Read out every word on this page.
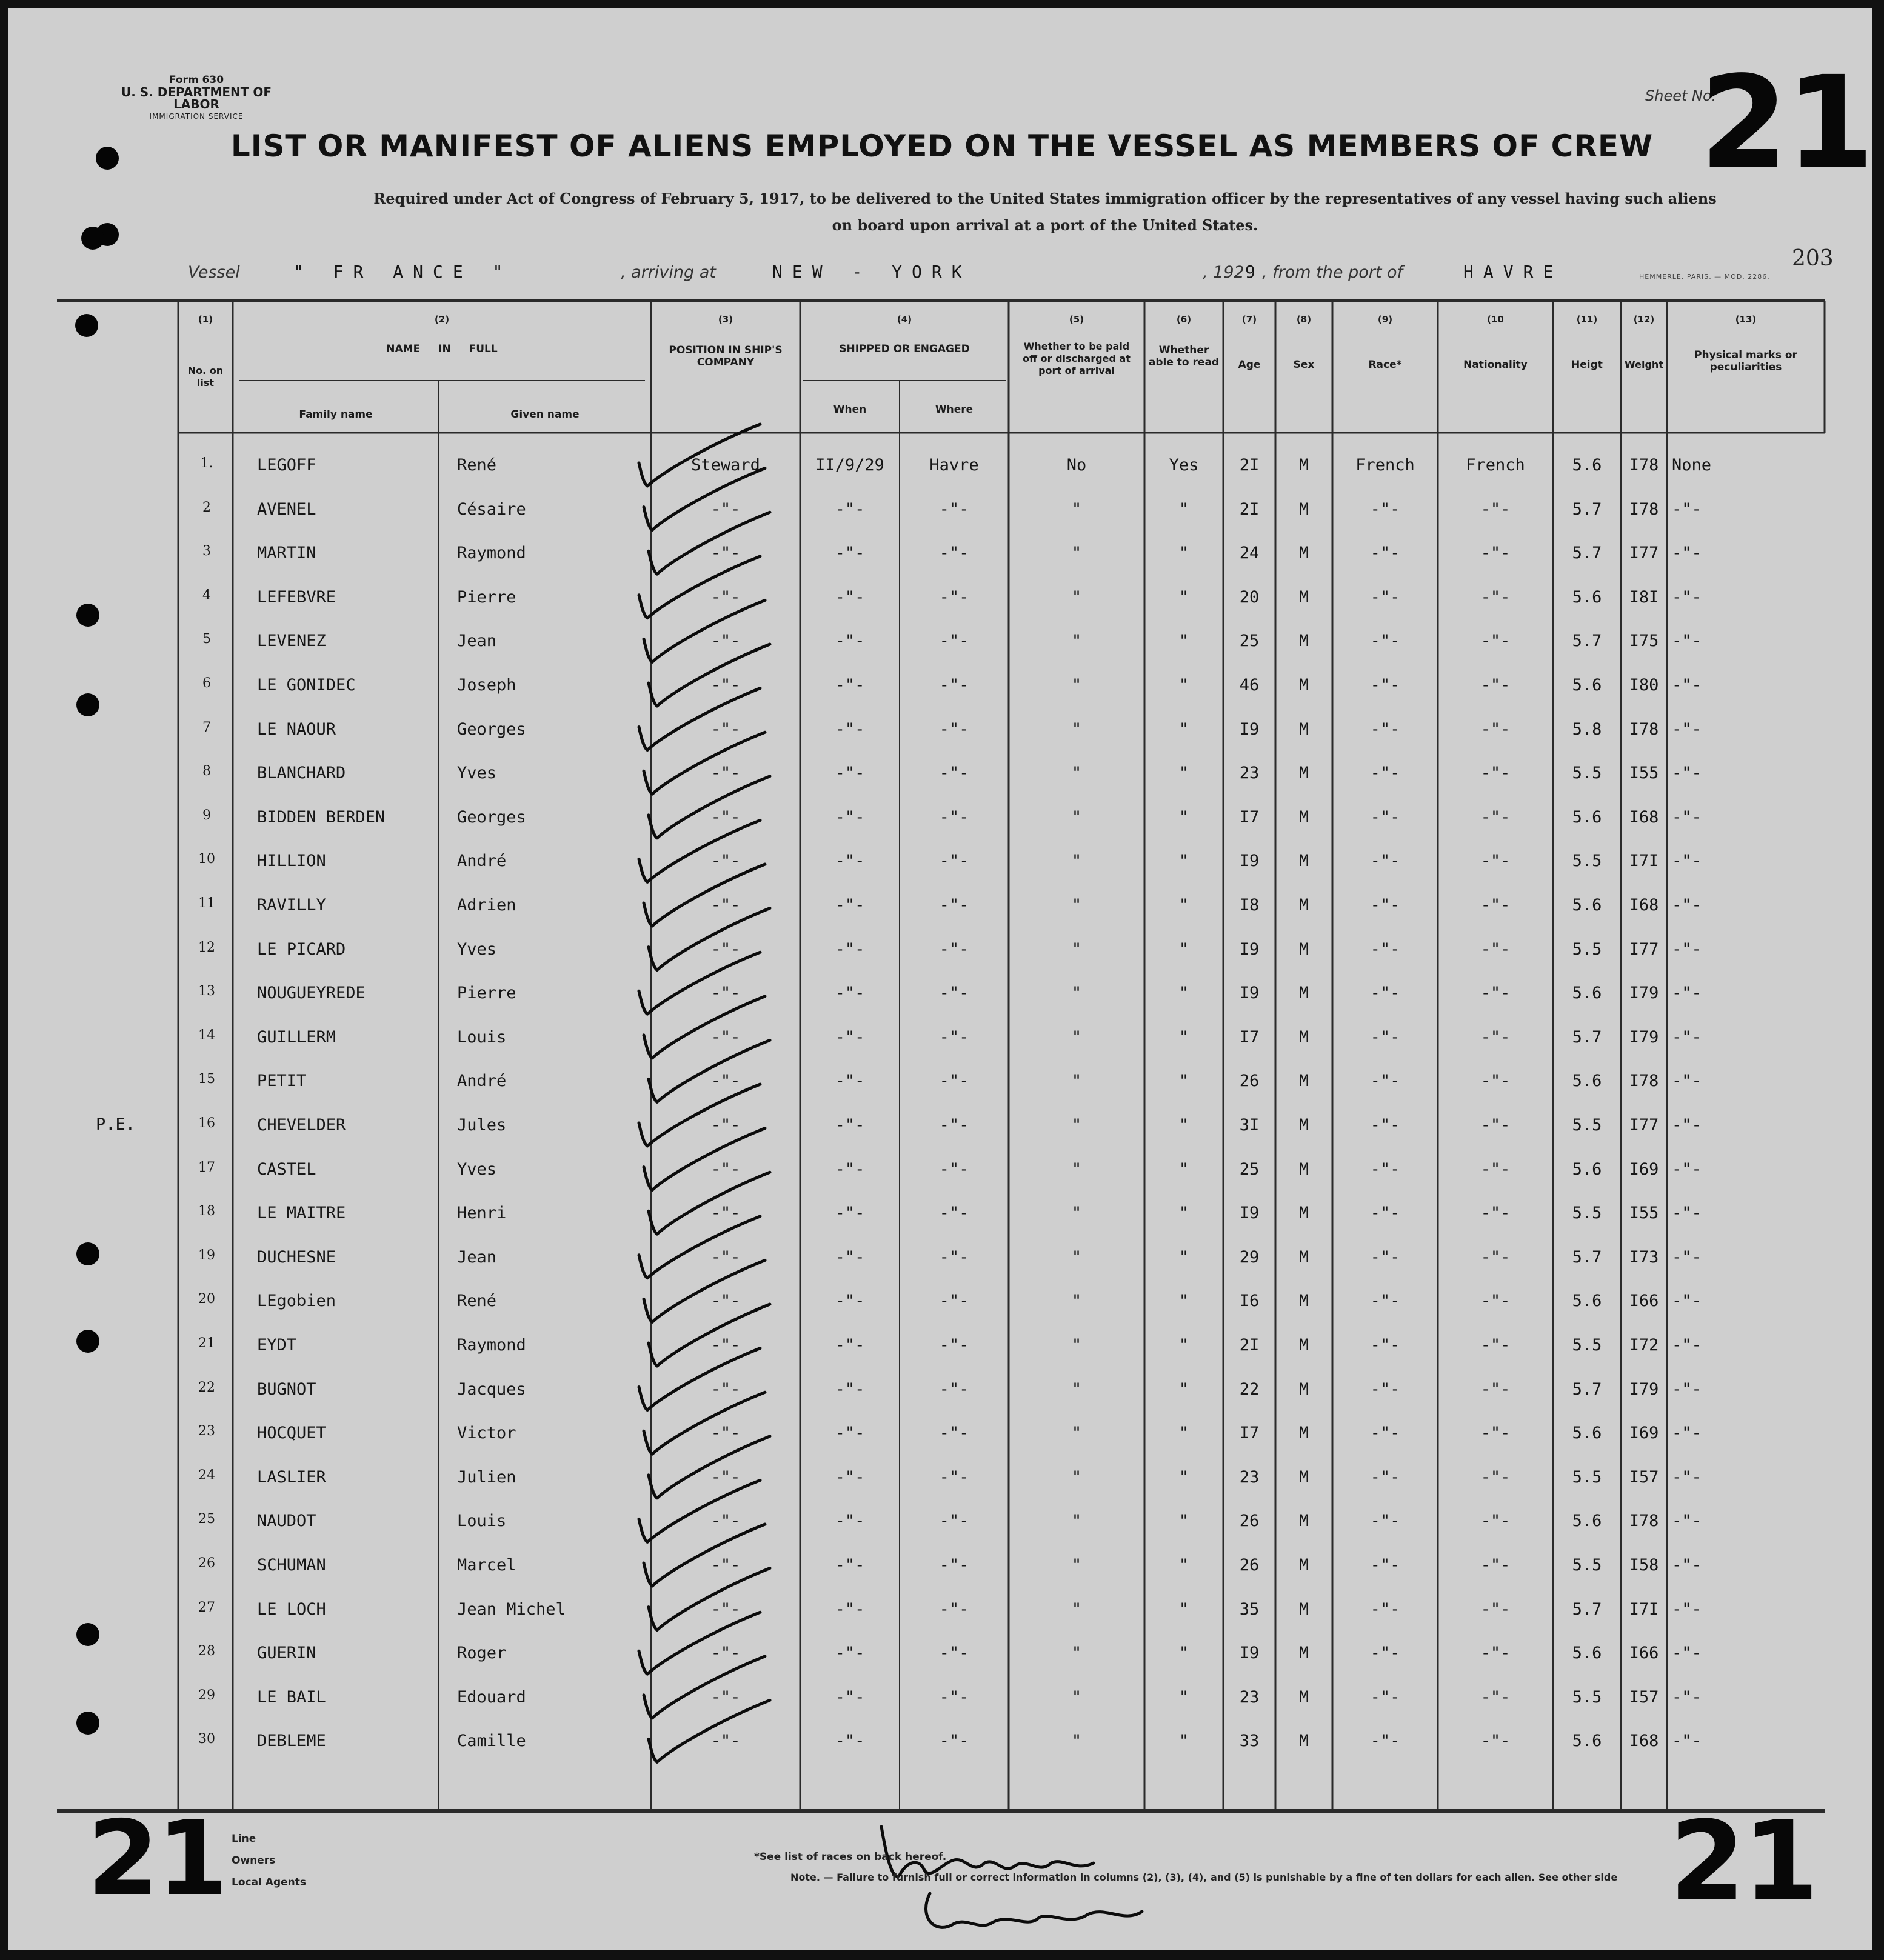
Form 630
U. S. DEPARTMENT OF LABOR
IMMIGRATION SERVICE
Sheet No.
21
LIST OR MANIFEST OF ALIENS EMPLOYED ON THE VESSEL AS MEMBERS OF CREW
Required under Act of Congress of February 5, 1917, to be delivered to the United States immigration officer by the representatives of any vessel having such aliens
on board upon arrival at a port of the United States.
203
HEMMERLÉ, PARIS. — MOD. 2286.
Vessel	" FR ANCE "	, arriving at	NEW - YORK	, 192 9 , from the port of	HAVRE
(1)
No. on list
(2)
NAME IN FULL
Family name	Given name
(3)
POSITION IN SHIP'S COMPANY
(4)
SHIPPED OR ENGAGED
When	Where
(5)
Whether to be paid off or discharged at port of arrival
(6)
Whether able to read
(7)
Age
(8)
Sex
(9)
Race*
(10
Nationality
(11)
Heigt
(12)
Weight
(13)
Physical marks or peculiarities
1.	LEGOFF	René	Steward	II/9/29	Havre	No	Yes	2I	M	French	French	5.6	I78 None
2	AVENEL	Césaire	-"-	-"-	-"-	"	"	2I	M	-"-	-"-	5.7	I78 -"-
3	MARTIN	Raymond	-"-	-"-	-"-	"	"	24	M	-"-	-"-	5.7	I77 -"-
4	LEFEBVRE	Pierre	-"-	-"-	-"-	"	"	20	M	-"-	-"-	5.6	I8I -"-
5	LEVENEZ	Jean	-"-	-"-	-"-	"	"	25	M	-"-	-"-	5.7	I75 -"-
6	LE GONIDEC	Joseph	-"-	-"-	-"-	"	"	46	M	-"-	-"-	5.6	I80 -"-
7	LE NAOUR	Georges	-"-	-"-	-"-	"	"	I9	M	-"-	-"-	5.8	I78 -"-
8	BLANCHARD	Yves	-"-	-"-	-"-	"	"	23	M	-"-	-"-	5.5	I55 -"-
9	BIDDEN BERDEN	Georges	-"-	-"-	-"-	"	"	I7	M	-"-	-"-	5.6	I68 -"-
10	HILLION	André	-"-	-"-	-"-	"	"	I9	M	-"-	-"-	5.5	I7I -"-
11	RAVILLY	Adrien	-"-	-"-	-"-	"	"	I8	M	-"-	-"-	5.6	I68 -"-
12	LE PICARD	Yves	-"-	-"-	-"-	"	"	I9	M	-"-	-"-	5.5	I77 -"-
13	NOUGUEYREDE	Pierre	-"-	-"-	-"-	"	"	I9	M	-"-	-"-	5.6	I79 -"-
14	GUILLERM	Louis	-"-	-"-	-"-	"	"	I7	M	-"-	-"-	5.7	I79 -"-
15	PETIT	André	-"-	-"-	-"-	"	"	26	M	-"-	-"-	5.6	I78 -"-
16	CHEVELDER	Jules	-"-	-"-	-"-	"	"	3I	M	-"-	-"-	5.5	I77 -"-
17	CASTEL	Yves	-"-	-"-	-"-	"	"	25	M	-"-	-"-	5.6	I69 -"-
18	LE MAITRE	Henri	-"-	-"-	-"-	"	"	I9	M	-"-	-"-	5.5	I55 -"-
19	DUCHESNE	Jean	-"-	-"-	-"-	"	"	29	M	-"-	-"-	5.7	I73 -"-
20	LEgobien	René	-"-	-"-	-"-	"	"	I6	M	-"-	-"-	5.6	I66 -"-
21	EYDT	Raymond	-"-	-"-	-"-	"	"	2I	M	-"-	-"-	5.5	I72 -"-
22	BUGNOT	Jacques	-"-	-"-	-"-	"	"	22	M	-"-	-"-	5.7	I79 -"-
23	HOCQUET	Victor	-"-	-"-	-"-	"	"	I7	M	-"-	-"-	5.6	I69 -"-
24	LASLIER	Julien	-"-	-"-	-"-	"	"	23	M	-"-	-"-	5.5	I57 -"-
25	NAUDOT	Louis	-"-	-"-	-"-	"	"	26	M	-"-	-"-	5.6	I78 -"-
26	SCHUMAN	Marcel	-"-	-"-	-"-	"	"	26	M	-"-	-"-	5.5	I58 -"-
27	LE LOCH	Jean Michel	-"-	-"-	-"-	"	"	35	M	-"-	-"-	5.7	I7I -"-
28	GUERIN	Roger	-"-	-"-	-"-	"	"	I9	M	-"-	-"-	5.6	I66 -"-
29	LE BAIL	Edouard	-"-	-"-	-"-	"	"	23	M	-"-	-"-	5.5	I57 -"-
30	DEBLEME	Camille	-"-	-"-	-"-	"	"	33	M	-"-	-"-	5.6	I68 -"-
P.E.
Line
Owners
Local Agents
*See list of races on back hereof.
Note. — Failure to furnish full or correct information in columns (2), (3), (4), and (5) is punishable by a fine of ten dollars for each alien. See other side
21	21
